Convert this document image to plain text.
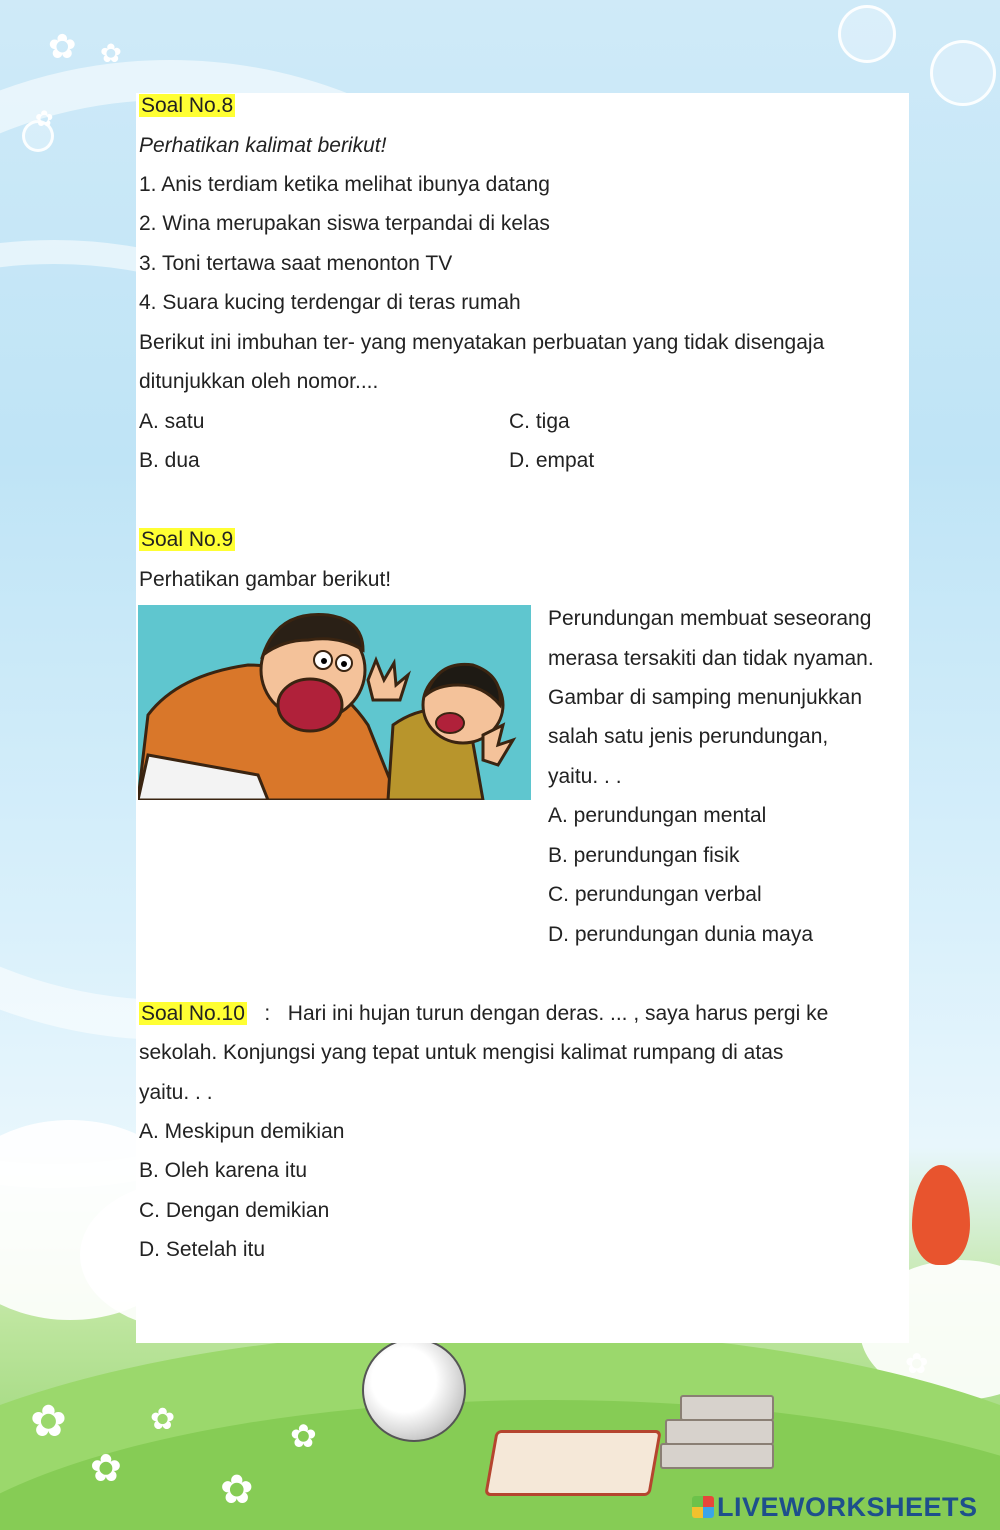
✿ ✿
✿
✿
✿
✿
✿
✿
✿
Soal No.8
Perhatikan kalimat berikut!
1. Anis terdiam ketika melihat ibunya datang
2. Wina merupakan siswa terpandai di kelas
3. Toni tertawa saat menonton TV
4. Suara kucing terdengar di teras rumah
Berikut ini imbuhan ter- yang menyatakan perbuatan yang tidak disengaja
ditunjukkan oleh nomor....
A. satu	C. tiga
B. dua	D. empat
Soal No.9
Perhatikan gambar berikut!
Perundungan membuat seseorang
merasa tersakiti dan tidak nyaman.
Gambar di samping menunjukkan
salah satu jenis perundungan,
yaitu. . .
A. perundungan mental
B. perundungan fisik
C. perundungan verbal
D. perundungan dunia maya
Soal No.10 : Hari ini hujan turun dengan deras. ... , saya harus pergi ke
sekolah. Konjungsi yang tepat untuk mengisi kalimat rumpang di atas
yaitu. . .
A. Meskipun demikian
B. Oleh karena itu
C. Dengan demikian
D. Setelah itu
LIVEWORKSHEETS
